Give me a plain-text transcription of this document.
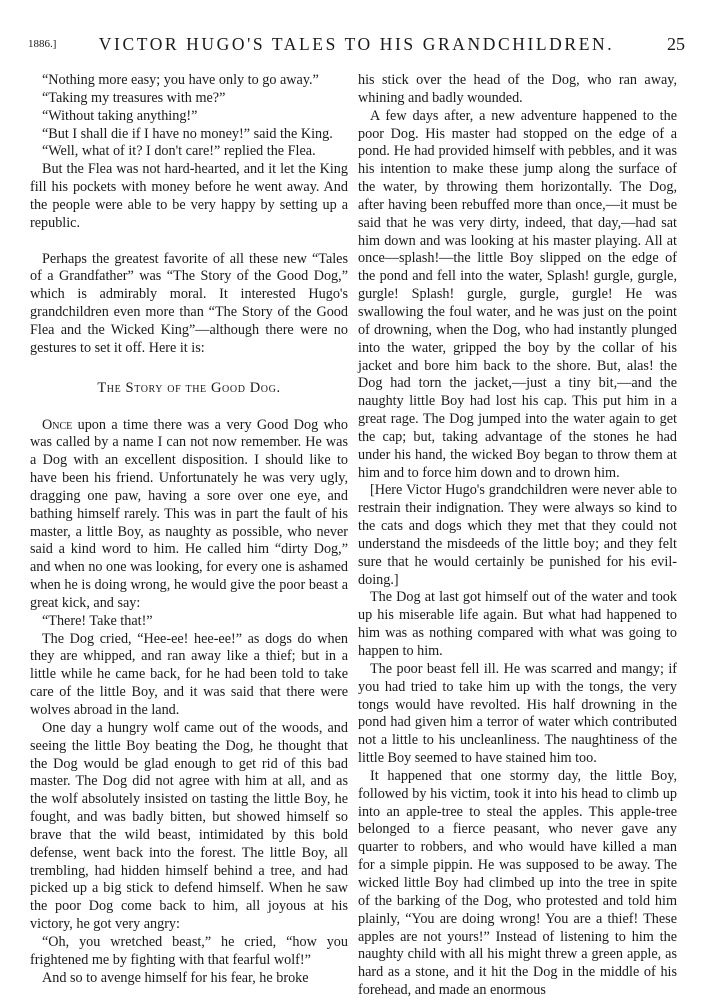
1886.]	VICTOR HUGO'S TALES TO HIS GRANDCHILDREN.	25

“Nothing more easy; you have only to go away.”

“Taking my treasures with me?”

“Without taking anything!”

“But I shall die if I have no money!” said the King.

“Well, what of it? I don't care!” replied the Flea.

But the Flea was not hard-hearted, and it let the King fill his pockets with money before he went away. And the people were able to be very happy by setting up a republic.

Perhaps the greatest favorite of all these new “Tales of a Grandfather” was “The Story of the Good Dog,” which is admirably moral. It interested Hugo's grandchildren even more than “The Story of the Good Flea and the Wicked King”—although there were no gestures to set it off. Here it is:

The Story of the Good Dog.

Once upon a time there was a very Good Dog who was called by a name I can not now remember. He was a Dog with an excellent disposition. I should like to have been his friend. Unfortunately he was very ugly, dragging one paw, having a sore over one eye, and bathing himself rarely. This was in part the fault of his master, a little Boy, as naughty as possible, who never said a kind word to him. He called him “dirty Dog,” and when no one was looking, for every one is ashamed when he is doing wrong, he would give the poor beast a great kick, and say:

“There! Take that!”

The Dog cried, “Hee-ee! hee-ee!” as dogs do when they are whipped, and ran away like a thief; but in a little while he came back, for he had been told to take care of the little Boy, and it was said that there were wolves abroad in the land.

One day a hungry wolf came out of the woods, and seeing the little Boy beating the Dog, he thought that the Dog would be glad enough to get rid of this bad master. The Dog did not agree with him at all, and as the wolf absolutely insisted on tasting the little Boy, he fought, and was badly bitten, but showed himself so brave that the wild beast, intimidated by this bold defense, went back into the forest. The little Boy, all trembling, had hidden himself behind a tree, and had picked up a big stick to defend himself. When he saw the poor Dog come back to him, all joyous at his victory, he got very angry:

“Oh, you wretched beast,” he cried, “how you frightened me by fighting with that fearful wolf!”

And so to avenge himself for his fear, he broke

his stick over the head of the Dog, who ran away, whining and badly wounded.

A few days after, a new adventure happened to the poor Dog. His master had stopped on the edge of a pond. He had provided himself with pebbles, and it was his intention to make these jump along the surface of the water, by throwing them horizontally. The Dog, after having been rebuffed more than once,—it must be said that he was very dirty, indeed, that day,—had sat him down and was looking at his master playing. All at once—splash!—the little Boy slipped on the edge of the pond and fell into the water, Splash! gurgle, gurgle, gurgle! Splash! gurgle, gurgle, gurgle! He was swallowing the foul water, and he was just on the point of drowning, when the Dog, who had instantly plunged into the water, gripped the boy by the collar of his jacket and bore him back to the shore. But, alas! the Dog had torn the jacket,—just a tiny bit,—and the naughty little Boy had lost his cap. This put him in a great rage. The Dog jumped into the water again to get the cap; but, taking advantage of the stones he had under his hand, the wicked Boy began to throw them at him and to force him down and to drown him.

[Here Victor Hugo's grandchildren were never able to restrain their indignation. They were always so kind to the cats and dogs which they met that they could not understand the misdeeds of the little boy; and they felt sure that he would certainly be punished for his evil-doing.]

The Dog at last got himself out of the water and took up his miserable life again. But what had happened to him was as nothing compared with what was going to happen to him.

The poor beast fell ill. He was scarred and mangy; if you had tried to take him up with the tongs, the very tongs would have revolted. His half drowning in the pond had given him a terror of water which contributed not a little to his uncleanliness. The naughtiness of the little Boy seemed to have stained him too.

It happened that one stormy day, the little Boy, followed by his victim, took it into his head to climb up into an apple-tree to steal the apples. This apple-tree belonged to a fierce peasant, who never gave any quarter to robbers, and who would have killed a man for a simple pippin. He was supposed to be away. The wicked little Boy had climbed up into the tree in spite of the barking of the Dog, who protested and told him plainly, “You are doing wrong! You are a thief! These apples are not yours!” Instead of listening to him the naughty child with all his might threw a green apple, as hard as a stone, and it hit the Dog in the middle of his forehead, and made an enormous
